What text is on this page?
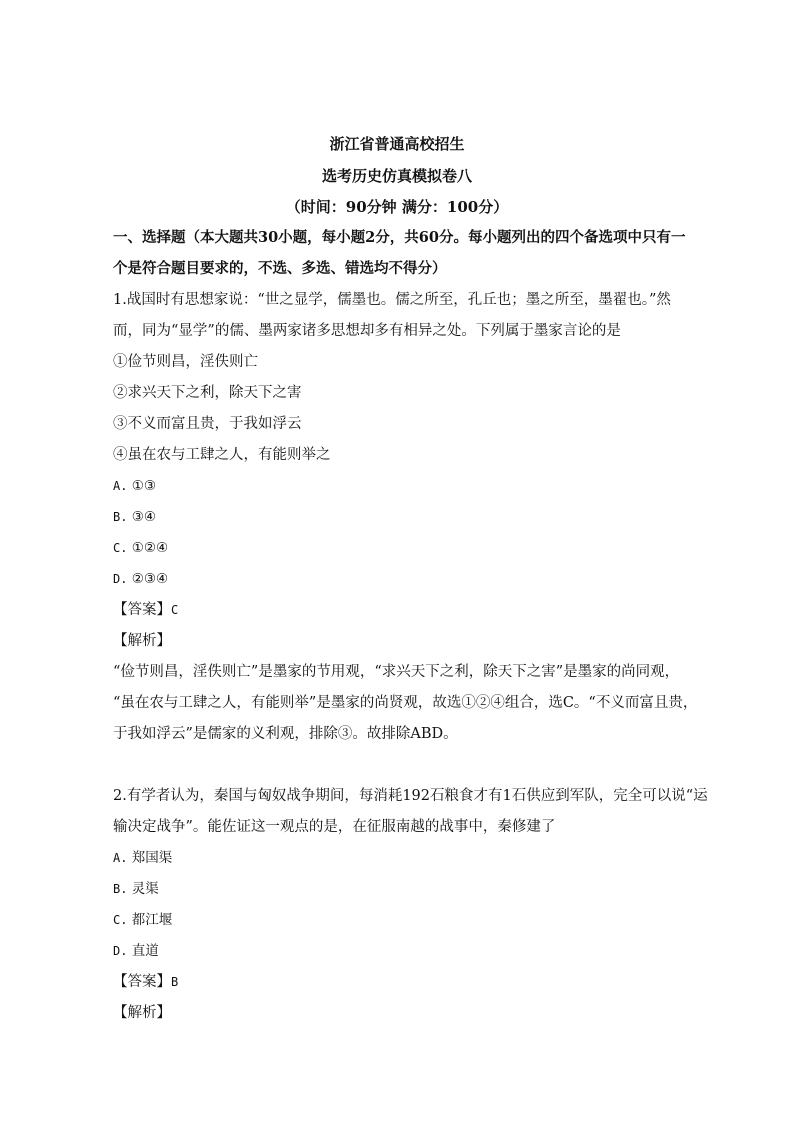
浙江省普通高校招生
选考历史仿真模拟卷八
（时间：90分钟 满分：100分）
一、选择题（本大题共30小题，每小题2分，共60分。每小题列出的四个备选项中只有一
个是符合题目要求的，不选、多选、错选均不得分）
1.战国时有思想家说：“世之显学，儒墨也。儒之所至，孔丘也；墨之所至，墨翟也。”然
而，同为“显学”的儒、墨两家诸多思想却多有相异之处。下列属于墨家言论的是
①俭节则昌，淫佚则亡
②求兴天下之利，除天下之害
③不义而富且贵，于我如浮云
④虽在农与工肆之人，有能则举之
A. ①③
B. ③④
C. ①②④
D. ②③④
【答案】C
【解析】
“俭节则昌，淫佚则亡”是墨家的节用观，“求兴天下之利，除天下之害”是墨家的尚同观，
“虽在农与工肆之人，有能则举”是墨家的尚贤观，故选①②④组合，选C。“不义而富且贵，
于我如浮云”是儒家的义利观，排除③。故排除ABD。
2.有学者认为，秦国与匈奴战争期间，每消耗192石粮食才有1石供应到军队，完全可以说“运
输决定战争”。能佐证这一观点的是，在征服南越的战事中，秦修建了
A. 郑国渠
B. 灵渠
C. 都江堰
D. 直道
【答案】B
【解析】
